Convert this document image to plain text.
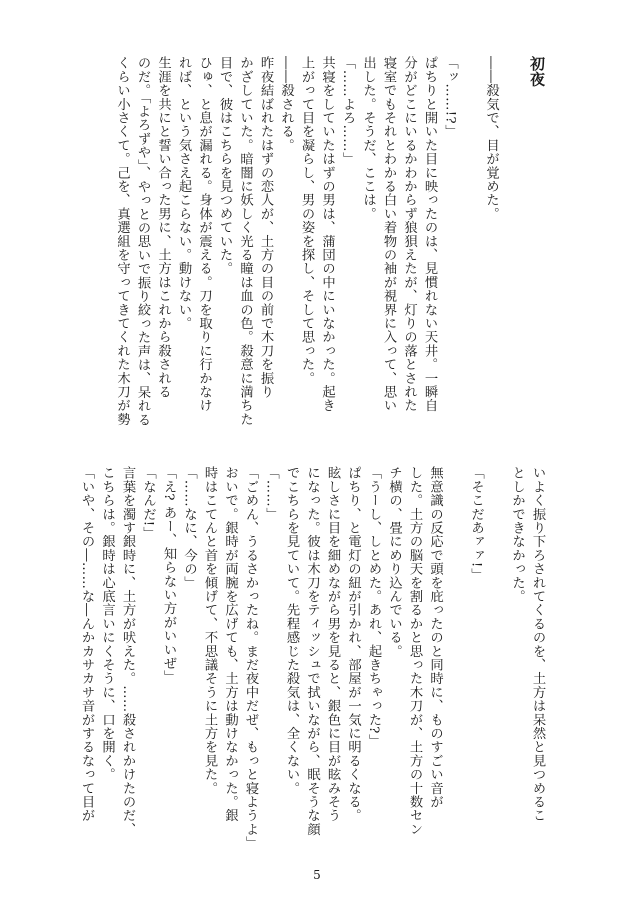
初夜
――殺気で、目が覚めた。

「ッ……!?」
ぱちりと開いた目に映ったのは、見慣れない天井。一瞬自
分がどこにいるかわからず狼狽えたが、灯りの落とされた
寝室でもそれとわかる白い着物の袖が視界に入って、思い
出した。そうだ、ここは。
「……よろ……」
共寝をしていたはずの男は、蒲団の中にいなかった。起き
上がって目を凝らし、男の姿を探し、そして思った。
――殺される。
昨夜結ばれたはずの恋人が、土方の目の前で木刀を振り
かざしていた。暗闇に妖しく光る瞳は血の色。殺意に満ちた
目で、彼はこちらを見つめていた。
ひゅ、と息が漏れる。身体が震える。刀を取りに行かなけ
れば、という気さえ起こらない。動けない。
生涯を共にと誓い合った男に、土方はこれから殺される
のだ。「よろずや」、やっとの思いで振り絞った声は、呆れる
くらい小さくて。己を、真選組を守ってきてくれた木刀が勢
いよく振り下ろされてくるのを、土方は呆然と見つめるこ
としかできなかった。

「そこだあァァ!」

無意識の反応で頭を庇ったのと同時に、ものすごい音が
した。土方の脳天を割るかと思った木刀が、土方の十数セン
チ横の、畳にめり込んでいる。
「うーし、しとめた。あれ、起きちゃった?」
ぱちり、と電灯の紐が引かれ、部屋が一気に明るくなる。
眩しさに目を細めながら男を見ると、銀色に目が眩みそう
になった。彼は木刀をティッシュで拭いながら、眠そうな顔
でこちらを見ていて。先程感じた殺気は、全くない。
「……」
「ごめん、うるさかったね。まだ夜中だぜ、もっと寝ようよ」
おいで。銀時が両腕を広げても、土方は動けなかった。銀
時はこてんと首を傾げて、不思議そうに土方を見た。
「……なに、今の」
「え? あー、知らない方がいいぜ」
「なんだ!」
言葉を濁す銀時に、土方が吠えた。……殺されかけたのだ、
こちらは。銀時は心底言いにくそうに、口を開く。
「いや、その―……な―んかカサカサ音がするなって目が
5
